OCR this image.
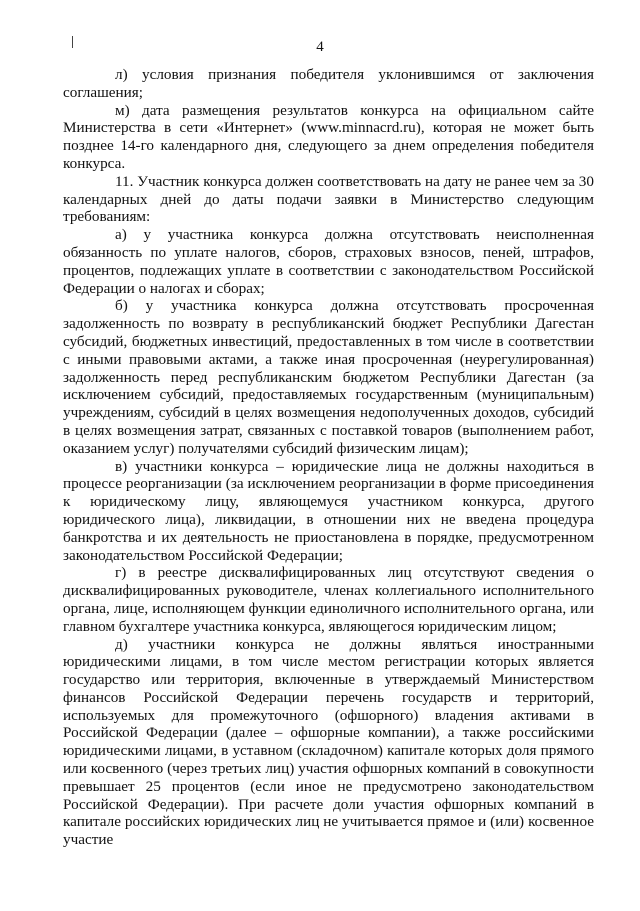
4

л) условия признания победителя уклонившимся от заключения соглашения;

м) дата размещения результатов конкурса на официальном сайте Министерства в сети «Интернет» (www.minnacrd.ru), которая не может быть позднее 14-го календарного дня, следующего за днем определения победителя конкурса.

11. Участник конкурса должен соответствовать на дату не ранее чем за 30 календарных дней до даты подачи заявки в Министерство следующим требованиям:

а) у участника конкурса должна отсутствовать неисполненная обязанность по уплате налогов, сборов, страховых взносов, пеней, штрафов, процентов, подлежащих уплате в соответствии с законодательством Российской Федерации о налогах и сборах;

б) у участника конкурса должна отсутствовать просроченная задолженность по возврату в республиканский бюджет Республики Дагестан субсидий, бюджетных инвестиций, предоставленных в том числе в соответствии с иными правовыми актами, а также иная просроченная (неурегулированная) задолженность перед республиканским бюджетом Республики Дагестан (за исключением субсидий, предоставляемых государственным (муниципальным) учреждениям, субсидий в целях возмещения недополученных доходов, субсидий в целях возмещения затрат, связанных с поставкой товаров (выполнением работ, оказанием услуг) получателями субсидий физическим лицам);

в) участники конкурса – юридические лица не должны находиться в процессе реорганизации (за исключением реорганизации в форме присоединения к юридическому лицу, являющемуся участником конкурса, другого юридического лица), ликвидации, в отношении них не введена процедура банкротства и их деятельность не приостановлена в порядке, предусмотренном законодательством Российской Федерации;

г) в реестре дисквалифицированных лиц отсутствуют сведения о дисквалифицированных руководителе, членах коллегиального исполнительного органа, лице, исполняющем функции единоличного исполнительного органа, или главном бухгалтере участника конкурса, являющегося юридическим лицом;

д) участники конкурса не должны являться иностранными юридическими лицами, в том числе местом регистрации которых является государство или территория, включенные в утверждаемый Министерством финансов Российской Федерации перечень государств и территорий, используемых для промежуточного (офшорного) владения активами в Российской Федерации (далее – офшорные компании), а также российскими юридическими лицами, в уставном (складочном) капитале которых доля прямого или косвенного (через третьих лиц) участия офшорных компаний в совокупности превышает 25 процентов (если иное не предусмотрено законодательством Российской Федерации). При расчете доли участия офшорных компаний в капитале российских юридических лиц не учитывается прямое и (или) косвенное участие
